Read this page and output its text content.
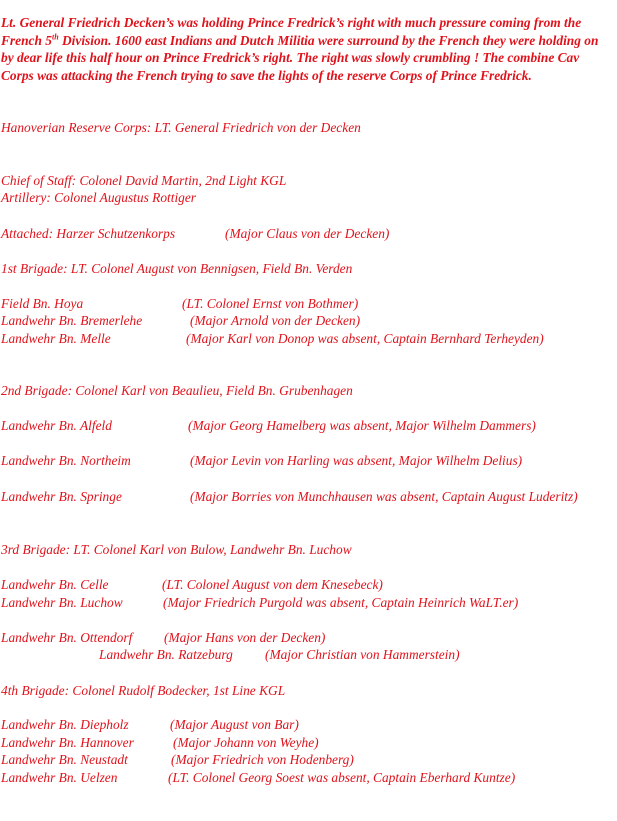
Lt. General Friedrich Decken’s was holding Prince Fredrick’s right with much pressure coming from the French 5th Division. 1600 east Indians and Dutch Militia were surround by the French they were holding on by dear life this half hour on Prince Fredrick’s right. The right was slowly crumbling ! The combine Cav Corps was attacking the French trying to save the lights of the reserve Corps of Prince Fredrick.
Hanoverian Reserve Corps: LT. General Friedrich von der Decken
Chief of Staff: Colonel David Martin, 2nd Light KGL
Artillery: Colonel Augustus Rottiger
Attached: Harzer Schutzenkorps	(Major Claus von der Decken)
1st Brigade: LT. Colonel August von Bennigsen, Field Bn. Verden
Field Bn. Hoya	(LT. Colonel Ernst von Bothmer)
Landwehr Bn. Bremerlehe	(Major Arnold von der Decken)
Landwehr Bn. Melle	(Major Karl von Donop was absent, Captain Bernhard Terheyden)
2nd Brigade: Colonel Karl von Beaulieu, Field Bn. Grubenhagen
Landwehr Bn. Alfeld	(Major Georg Hamelberg was absent, Major Wilhelm Dammers)
Landwehr Bn. Northeim	(Major Levin von Harling was absent, Major Wilhelm Delius)
Landwehr Bn. Springe	(Major Borries von Munchhausen was absent, Captain August Luderitz)
3rd Brigade: LT. Colonel Karl von Bulow, Landwehr Bn. Luchow
Landwehr Bn. Celle	(LT. Colonel August von dem Knesebeck)
Landwehr Bn. Luchow	(Major Friedrich Purgold was absent, Captain Heinrich WaLT.er)
Landwehr Bn. Ottendorf (Major Hans von der Decken)
Landwehr Bn. Ratzeburg (Major Christian von Hammerstein)
4th Brigade: Colonel Rudolf Bodecker, 1st Line KGL
Landwehr Bn. Diepholz	(Major August von Bar)
Landwehr Bn. Hannover	(Major Johann von Weyhe)
Landwehr Bn. Neustadt	(Major Friedrich von Hodenberg)
Landwehr Bn. Uelzen	(LT. Colonel Georg Soest was absent, Captain Eberhard Kuntze)
